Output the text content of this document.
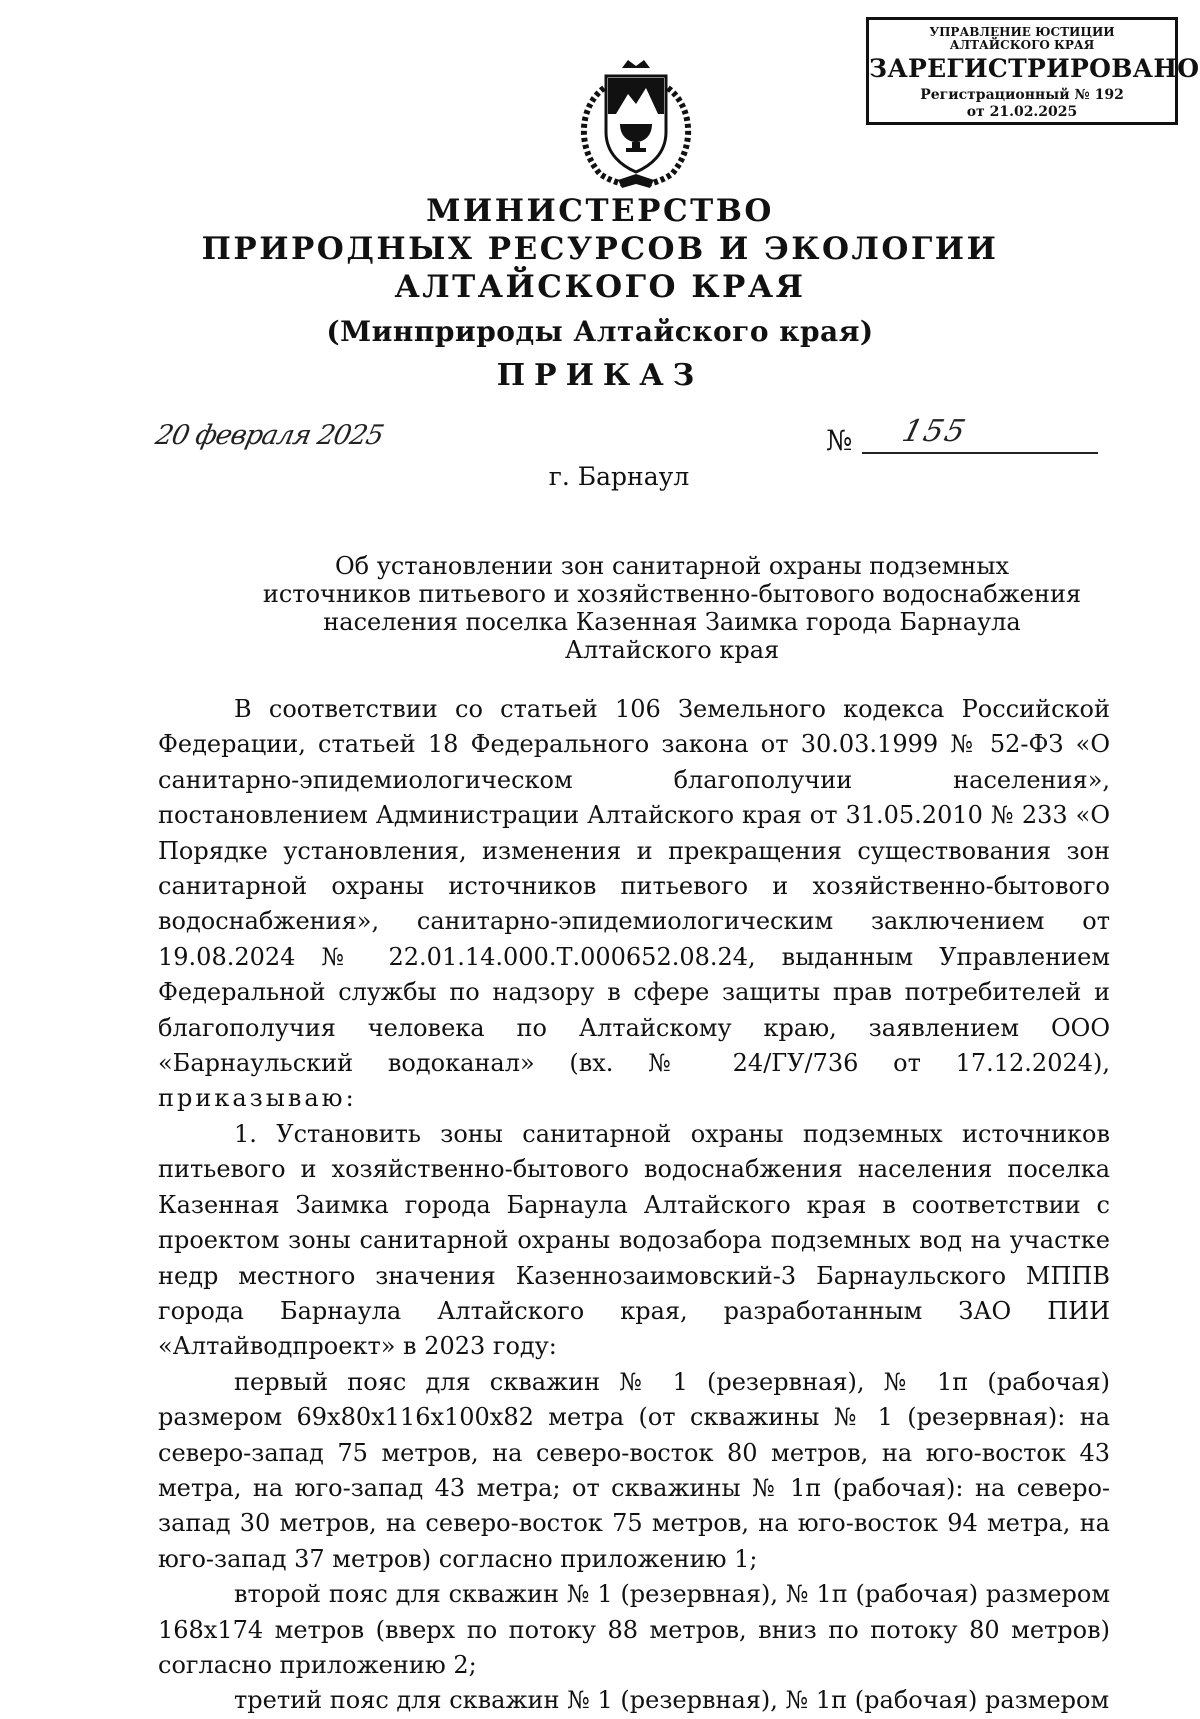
УПРАВЛЕНИЕ ЮСТИЦИИ
АЛТАЙСКОГО КРАЯ
ЗАРЕГИСТРИРОВАНО
Регистрационный № 192
от 21.02.2025
МИНИСТЕРСТВО
ПРИРОДНЫХ РЕСУРСОВ И ЭКОЛОГИИ
АЛТАЙСКОГО КРАЯ
(Минприроды Алтайского края)
ПРИКАЗ
20 февраля 2025	№ 155
г. Барнаул
Об установлении зон санитарной охраны подземных источников питьевого и хозяйственно-бытового водоснабжения населения поселка Казенная Заимка города Барнаула Алтайского края

В соответствии со статьей 106 Земельного кодекса Российской Федерации, статьей 18 Федерального закона от 30.03.1999 № 52-ФЗ «О санитарно-эпидемиологическом благополучии населения», постановлением Администрации Алтайского края от 31.05.2010 № 233 «О Порядке установления, изменения и прекращения существования зон санитарной охраны источников питьевого и хозяйственно-бытового водоснабжения», санитарно-эпидемиологическим заключением от 19.08.2024 № 22.01.14.000.Т.000652.08.24, выданным Управлением Федеральной службы по надзору в сфере защиты прав потребителей и благополучия человека по Алтайскому краю, заявлением ООО «Барнаульский водоканал» (вх. № 24/ГУ/736 от 17.12.2024), приказываю:

1. Установить зоны санитарной охраны подземных источников питьевого и хозяйственно-бытового водоснабжения населения поселка Казенная Заимка города Барнаула Алтайского края в соответствии с проектом зоны санитарной охраны водозабора подземных вод на участке недр местного значения Казеннозаимовский-3 Барнаульского МППВ города Барнаула Алтайского края, разработанным ЗАО ПИИ «Алтайводпроект» в 2023 году:

первый пояс для скважин № 1 (резервная), № 1п (рабочая) размером 69х80х116х100х82 метра (от скважины № 1 (резервная): на северо-запад 75 метров, на северо-восток 80 метров, на юго-восток 43 метра, на юго-запад 43 метра; от скважины № 1п (рабочая): на северо-запад 30 метров, на северо-восток 75 метров, на юго-восток 94 метра, на юго-запад 37 метров) согласно приложению 1;

второй пояс для скважин № 1 (резервная), № 1п (рабочая) размером 168х174 метров (вверх по потоку 88 метров, вниз по потоку 80 метров) согласно приложению 2;

третий пояс для скважин № 1 (резервная), № 1п (рабочая) размером
